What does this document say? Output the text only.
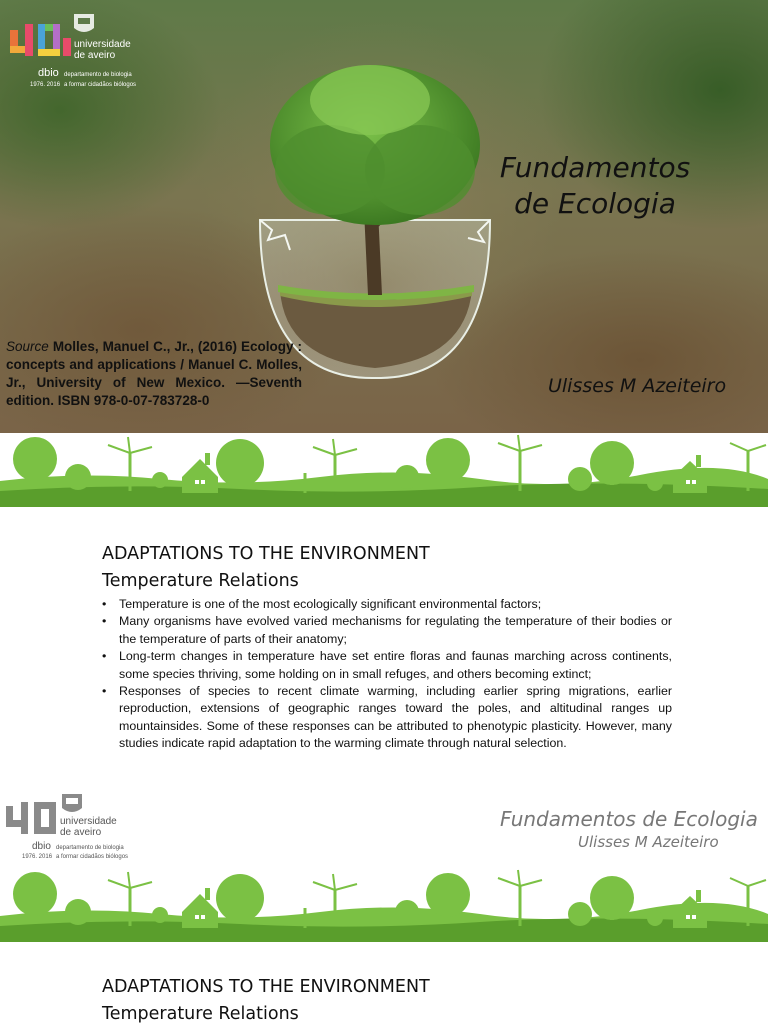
universidade
de aveiro
dbio departamento de biologia
1976. 2016 a formar cidadãos biólogos
Fundamentos
de Ecologia
Source Molles, Manuel C., Jr., (2016) Ecology : concepts and applications / Manuel C. Molles, Jr., University of New Mexico. —Seventh edition. ISBN 978-0-07-783728-0
Ulisses M Azeiteiro
ADAPTATIONS TO THE ENVIRONMENT
Temperature Relations
• Temperature is one of the most ecologically significant environmental factors;
• Many organisms have evolved varied mechanisms for regulating the temperature of their bodies or the temperature of parts of their anatomy;
• Long-term changes in temperature have set entire floras and faunas marching across continents, some species thriving, some holding on in small refuges, and others becoming extinct;
• Responses of species to recent climate warming, including earlier spring migrations, earlier reproduction, extensions of geographic ranges toward the poles, and altitudinal ranges up mountainsides. Some of these responses can be attributed to phenotypic plasticity. However, many studies indicate rapid adaptation to the warming climate through natural selection.
universidade
de aveiro
dbio departamento de biologia
1976. 2016 a formar cidadãos biólogos
Fundamentos de Ecologia
Ulisses M Azeiteiro
ADAPTATIONS TO THE ENVIRONMENT
Temperature Relations
